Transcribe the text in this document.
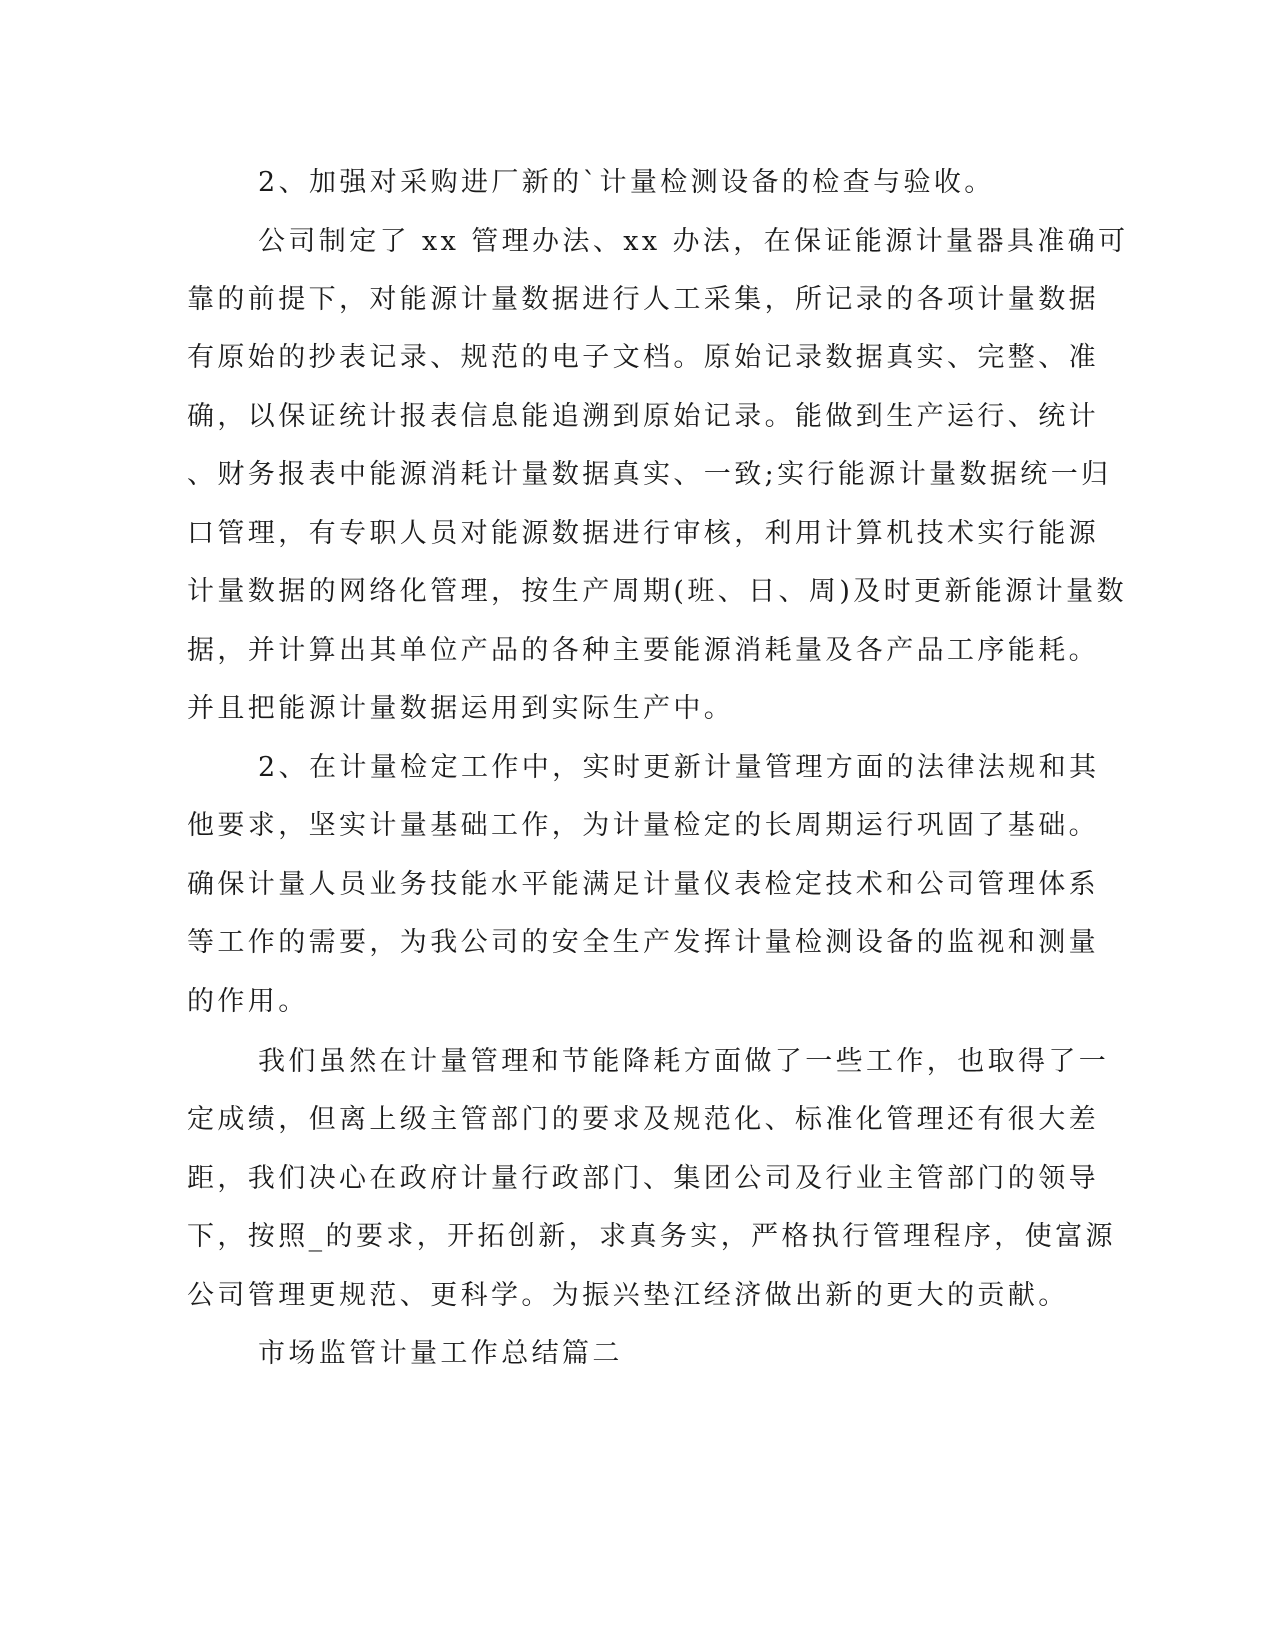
2、加强对采购进厂新的`计量检测设备的检查与验收。
公司制定了 xx 管理办法、xx 办法，在保证能源计量器具准确可
靠的前提下，对能源计量数据进行人工采集，所记录的各项计量数据
有原始的抄表记录、规范的电子文档。原始记录数据真实、完整、准
确，以保证统计报表信息能追溯到原始记录。能做到生产运行、统计
、财务报表中能源消耗计量数据真实、一致;实行能源计量数据统一归
口管理，有专职人员对能源数据进行审核，利用计算机技术实行能源
计量数据的网络化管理，按生产周期(班、日、周)及时更新能源计量数
据，并计算出其单位产品的各种主要能源消耗量及各产品工序能耗。
并且把能源计量数据运用到实际生产中。
2、在计量检定工作中，实时更新计量管理方面的法律法规和其
他要求，坚实计量基础工作，为计量检定的长周期运行巩固了基础。
确保计量人员业务技能水平能满足计量仪表检定技术和公司管理体系
等工作的需要，为我公司的安全生产发挥计量检测设备的监视和测量
的作用。
我们虽然在计量管理和节能降耗方面做了一些工作，也取得了一
定成绩，但离上级主管部门的要求及规范化、标准化管理还有很大差
距，我们决心在政府计量行政部门、集团公司及行业主管部门的领导
下，按照_的要求，开拓创新，求真务实，严格执行管理程序，使富源
公司管理更规范、更科学。为振兴垫江经济做出新的更大的贡献。
市场监管计量工作总结篇二
